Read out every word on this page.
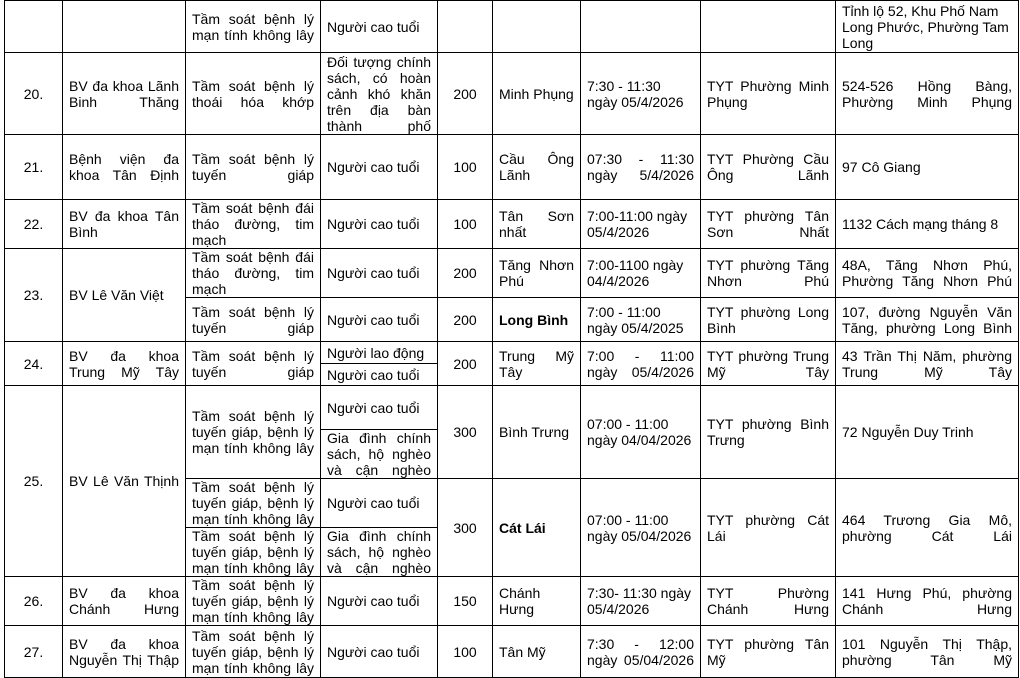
		Tầm soát bệnh lý mạn tính không lây	Người cao tuổi					Tỉnh lộ 52, Khu Phố Nam Long Phước, Phường Tam Long
20.	BV đa khoa Lãnh Binh Thăng	Tầm soát bệnh lý thoái hóa khớp	Đối tượng chính sách, có hoàn cảnh khó khăn trên địa bàn thành phố	200	Minh Phụng	7:30 - 11:30 ngày 05/4/2026	TYT Phường Minh Phụng	524-526 Hồng Bàng, Phường Minh Phụng
21.	Bệnh viện đa khoa Tân Định	Tầm soát bệnh lý tuyến giáp	Người cao tuổi	100	Cầu Ông Lãnh	07:30 - 11:30 ngày 5/4/2026	TYT Phường Cầu Ông Lãnh	97 Cô Giang
22.	BV đa khoa Tân Bình	Tầm soát bệnh đái tháo đường, tim mạch	Người cao tuổi	100	Tân Sơn nhất	7:00-11:00 ngày 05/4/2026	TYT phường Tân Sơn Nhất	1132 Cách mạng tháng 8
23.	BV Lê Văn Việt	Tầm soát bệnh đái tháo đường, tim mạch	Người cao tuổi	200	Tăng Nhơn Phú	7:00-1100 ngày 04/4/2026	TYT phường Tăng Nhơn Phú	48A, Tăng Nhơn Phú, Phường Tăng Nhơn Phú
		Tầm soát bệnh lý tuyến giáp	Người cao tuổi	200	Long Bình	7:00 - 11:00 ngày 05/4/2025	TYT phường Long Bình	107, đường Nguyễn Văn Tăng, phường Long Bình
24.	BV đa khoa Trung Mỹ Tây	Tầm soát bệnh lý tuyến giáp	Người lao động	200	Trung Mỹ Tây	7:00 - 11:00 ngày 05/4/2026	TYT phường Trung Mỹ Tây	43 Trần Thị Năm, phường Trung Mỹ Tây
			Người cao tuổi					
25.	BV Lê Văn Thịnh	Tầm soát bệnh lý tuyến giáp, bệnh lý mạn tính không lây	Người cao tuổi	300	Bình Trưng	07:00 - 11:00 ngày 04/04/2026	TYT phường Bình Trưng	72 Nguyễn Duy Trinh
			Gia đình chính sách, hộ nghèo và cận nghèo					
		Tầm soát bệnh lý tuyến giáp, bệnh lý mạn tính không lây	Người cao tuổi	300	Cát Lái	07:00 - 11:00 ngày 05/04/2026	TYT phường Cát Lái	464 Trương Gia Mô, phường Cát Lái
		Tầm soát bệnh lý tuyến giáp, bệnh lý mạn tính không lây	Gia đình chính sách, hộ nghèo và cận nghèo					
26.	BV đa khoa Chánh Hưng	Tầm soát bệnh lý tuyến giáp, bệnh lý mạn tính không lây	Người cao tuổi	150	Chánh Hưng	7:30- 11:30 ngày 05/4/2026	TYT Phường Chánh Hưng	141 Hưng Phú, phường Chánh Hưng
27.	BV đa khoa Nguyễn Thị Thập	Tầm soát bệnh lý tuyến giáp, bệnh lý mạn tính không lây	Người cao tuổi	100	Tân Mỹ	7:30 - 12:00 ngày 05/04/2026	TYT phường Tân Mỹ	101 Nguyễn Thị Thập, phường Tân Mỹ
